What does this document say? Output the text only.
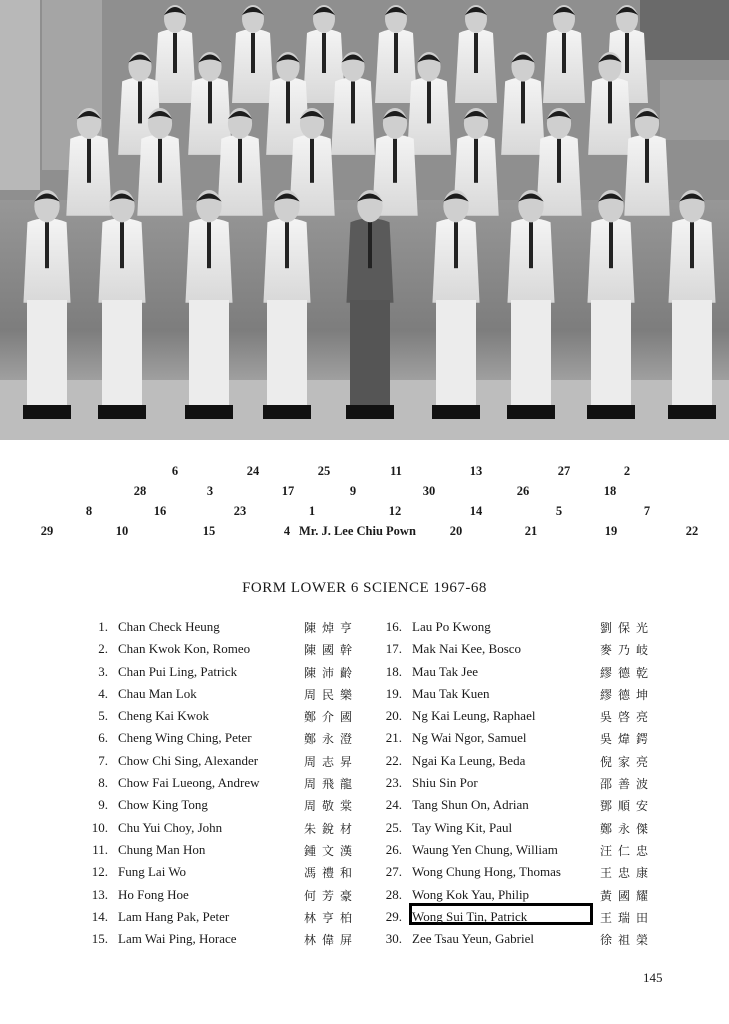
6	24	25	11	13	27	2
28	3	17	9	30	26	18
8	16	23	1	12	14	5	7
29	10	15	4 Mr. J. Lee Chiu Pown	20	21	19	22
FORM LOWER 6 SCIENCE 1967-68
1. Chan Check Heung	陳焯亨
2. Chan Kwok Kon, Romeo	陳國幹
3. Chan Pui Ling, Patrick	陳沛齡
4. Chau Man Lok	周民樂
5. Cheng Kai Kwok	鄭介國
6. Cheng Wing Ching, Peter	鄭永澄
7. Chow Chi Sing, Alexander	周志昇
8. Chow Fai Lueong, Andrew	周飛龍
9. Chow King Tong	周敬棠
10. Chu Yui Choy, John	朱銳材
11. Chung Man Hon	鍾文漢
12. Fung Lai Wo	馮禮和
13. Ho Fong Hoe	何芳豪
14. Lam Hang Pak, Peter	林亨柏
15. Lam Wai Ping, Horace	林偉屏
16. Lau Po Kwong	劉保光
17. Mak Nai Kee, Bosco	麥乃岐
18. Mau Tak Jee	繆德乾
19. Mau Tak Kuen	繆德坤
20. Ng Kai Leung, Raphael	吳啓亮
21. Ng Wai Ngor, Samuel	吳煒鍔
22. Ngai Ka Leung, Beda	倪家亮
23. Shiu Sin Por	邵善波
24. Tang Shun On, Adrian	鄧順安
25. Tay Wing Kit, Paul	鄭永傑
26. Waung Yen Chung, William	汪仁忠
27. Wong Chung Hong, Thomas	王忠康
28. Wong Kok Yau, Philip	黃國耀
29. Wong Sui Tin, Patrick	王瑞田
30. Zee Tsau Yeun, Gabriel	徐祖榮
145
